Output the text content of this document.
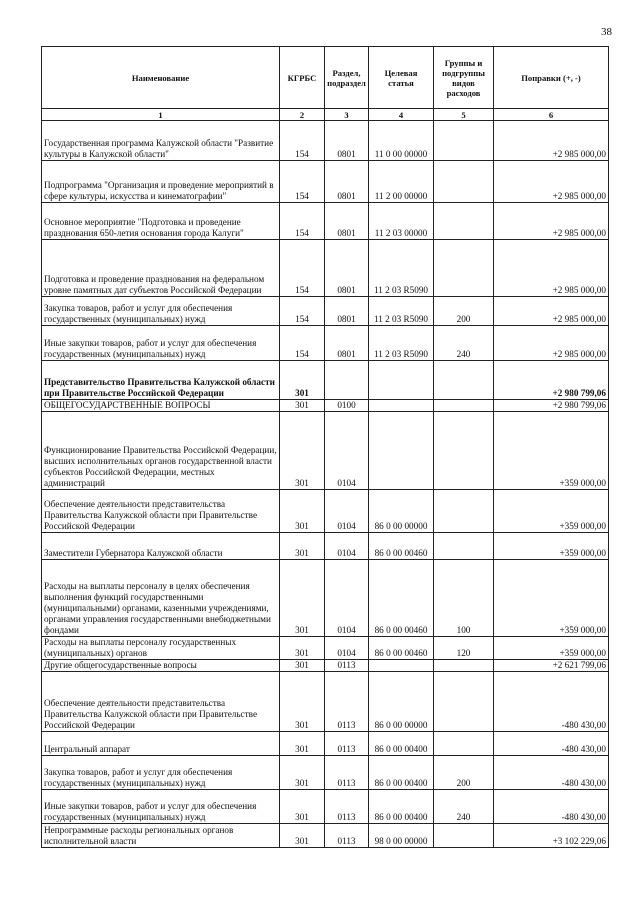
38
Наименование	КГРБС	Раздел, подраздел	Целевая статья	Группы и подгруппы видов расходов	Поправки (+, -)
1	2	3	4	5	6
Государственная программа Калужской области "Развитие культуры в Калужской области"	154	0801	11 0 00 00000		+2 985 000,00
Подпрограмма "Организация и проведение мероприятий в сфере культуры, искусства и кинематографии"	154	0801	11 2 00 00000		+2 985 000,00
Основное мероприятие "Подготовка и проведение празднования 650-летия основания города Калуги"	154	0801	11 2 03 00000		+2 985 000,00
Подготовка и проведение празднования на федеральном уровне памятных дат субъектов Российской Федерации	154	0801	11 2 03 R5090		+2 985 000,00
Закупка товаров, работ и услуг для обеспечения государственных (муниципальных) нужд	154	0801	11 2 03 R5090	200	+2 985 000,00
Иные закупки товаров, работ и услуг для обеспечения государственных (муниципальных) нужд	154	0801	11 2 03 R5090	240	+2 985 000,00
Представительство Правительства Калужской области при Правительстве Российской Федерации	301				+2 980 799,06
ОБЩЕГОСУДАРСТВЕННЫЕ ВОПРОСЫ	301	0100			+2 980 799,06
Функционирование Правительства Российской Федерации, высших исполнительных органов государственной власти субъектов Российской Федерации, местных администраций	301	0104			+359 000,00
Обеспечение деятельности представительства Правительства Калужской области при Правительстве Российской Федерации	301	0104	86 0 00 00000		+359 000,00
Заместители Губернатора Калужской области	301	0104	86 0 00 00460		+359 000,00
Расходы на выплаты персоналу в целях обеспечения выполнения функций государственными (муниципальными) органами, казенными учреждениями, органами управления государственными внебюджетными фондами	301	0104	86 0 00 00460	100	+359 000,00
Расходы на выплаты персоналу государственных (муниципальных) органов	301	0104	86 0 00 00460	120	+359 000,00
Другие общегосударственные вопросы	301	0113			+2 621 799,06
Обеспечение деятельности представительства Правительства Калужской области при Правительстве Российской Федерации	301	0113	86 0 00 00000		-480 430,00
Центральный аппарат	301	0113	86 0 00 00400		-480 430,00
Закупка товаров, работ и услуг для обеспечения государственных (муниципальных) нужд	301	0113	86 0 00 00400	200	-480 430,00
Иные закупки товаров, работ и услуг для обеспечения государственных (муниципальных) нужд	301	0113	86 0 00 00400	240	-480 430,00
Непрограммные расходы региональных органов исполнительной власти	301	0113	98 0 00 00000		+3 102 229,06
